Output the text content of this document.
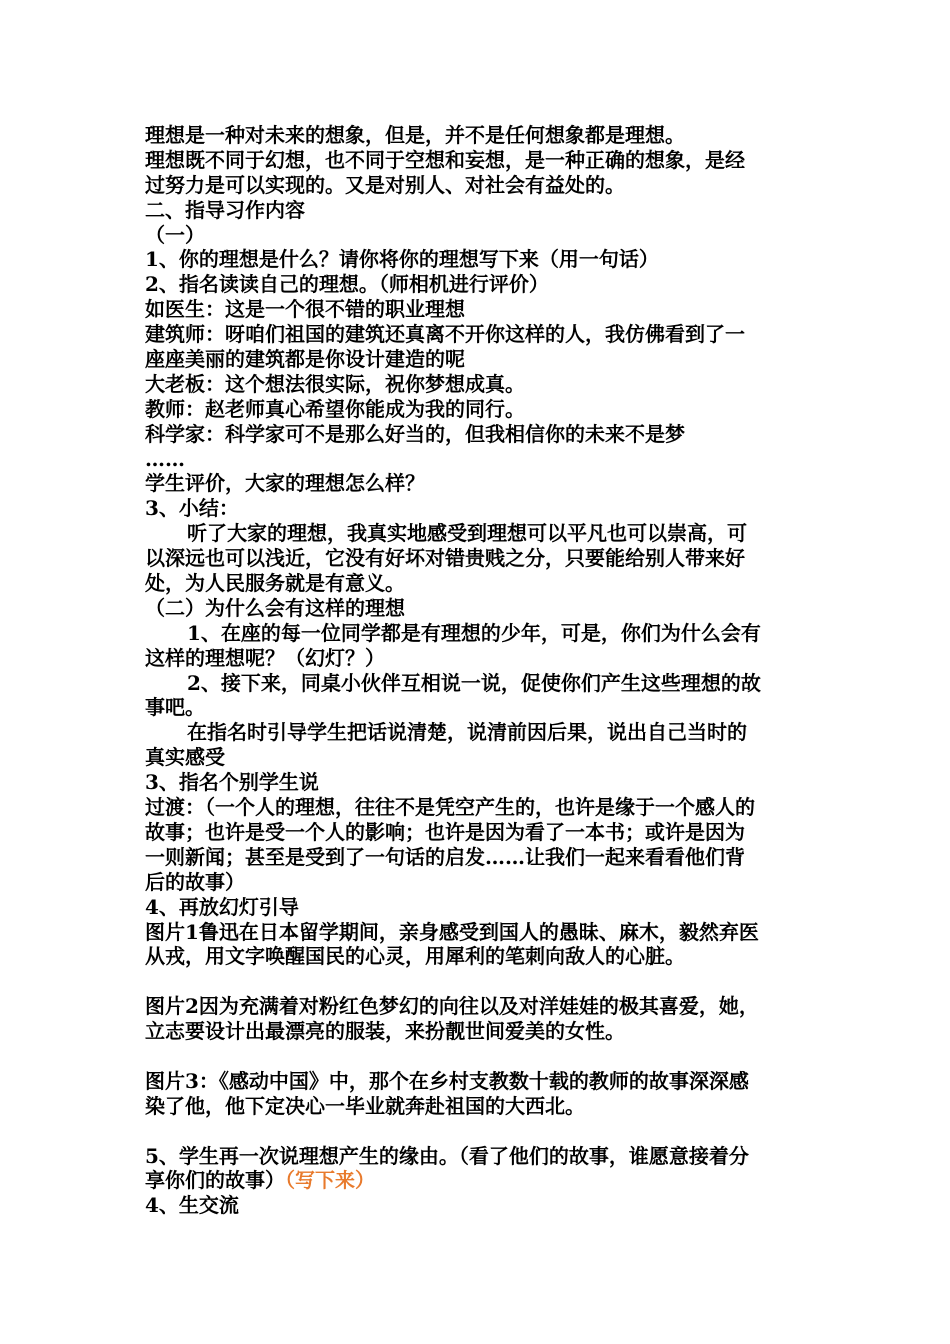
理想是一种对未来的想象，但是，并不是任何想象都是理想。
理想既不同于幻想，也不同于空想和妄想，是一种正确的想象，是经
过努力是可以实现的。又是对别人、对社会有益处的。
二、指导习作内容
（一）
1、你的理想是什么？请你将你的理想写下来（用一句话）
2、指名读读自己的理想。（师相机进行评价）
如医生：这是一个很不错的职业理想
建筑师：呀咱们祖国的建筑还真离不开你这样的人，我仿佛看到了一
座座美丽的建筑都是你设计建造的呢
大老板：这个想法很实际，祝你梦想成真。
教师：赵老师真心希望你能成为我的同行。
科学家：科学家可不是那么好当的，但我相信你的未来不是梦
……
学生评价，大家的理想怎么样？
3、小结：
听了大家的理想，我真实地感受到理想可以平凡也可以崇高，可
以深远也可以浅近，它没有好坏对错贵贱之分，只要能给别人带来好
处，为人民服务就是有意义。
（二）为什么会有这样的理想
1、在座的每一位同学都是有理想的少年，可是，你们为什么会有
这样的理想呢？（幻灯？）
2、接下来，同桌小伙伴互相说一说，促使你们产生这些理想的故
事吧。
在指名时引导学生把话说清楚，说清前因后果，说出自己当时的
真实感受
3、指名个别学生说
过渡：（一个人的理想，往往不是凭空产生的，也许是缘于一个感人的
故事；也许是受一个人的影响；也许是因为看了一本书；或许是因为
一则新闻；甚至是受到了一句话的启发……让我们一起来看看他们背
后的故事）
4、再放幻灯引导
图片1鲁迅在日本留学期间，亲身感受到国人的愚昧、麻木，毅然弃医
从戎，用文字唤醒国民的心灵，用犀利的笔刺向敌人的心脏。
图片2因为充满着对粉红色梦幻的向往以及对洋娃娃的极其喜爱，她，
立志要设计出最漂亮的服装，来扮靓世间爱美的女性。
图片3：《感动中国》中，那个在乡村支教数十载的教师的故事深深感
染了他，他下定决心一毕业就奔赴祖国的大西北。
5、学生再一次说理想产生的缘由。（看了他们的故事，谁愿意接着分
享你们的故事）（写下来）
4、生交流
